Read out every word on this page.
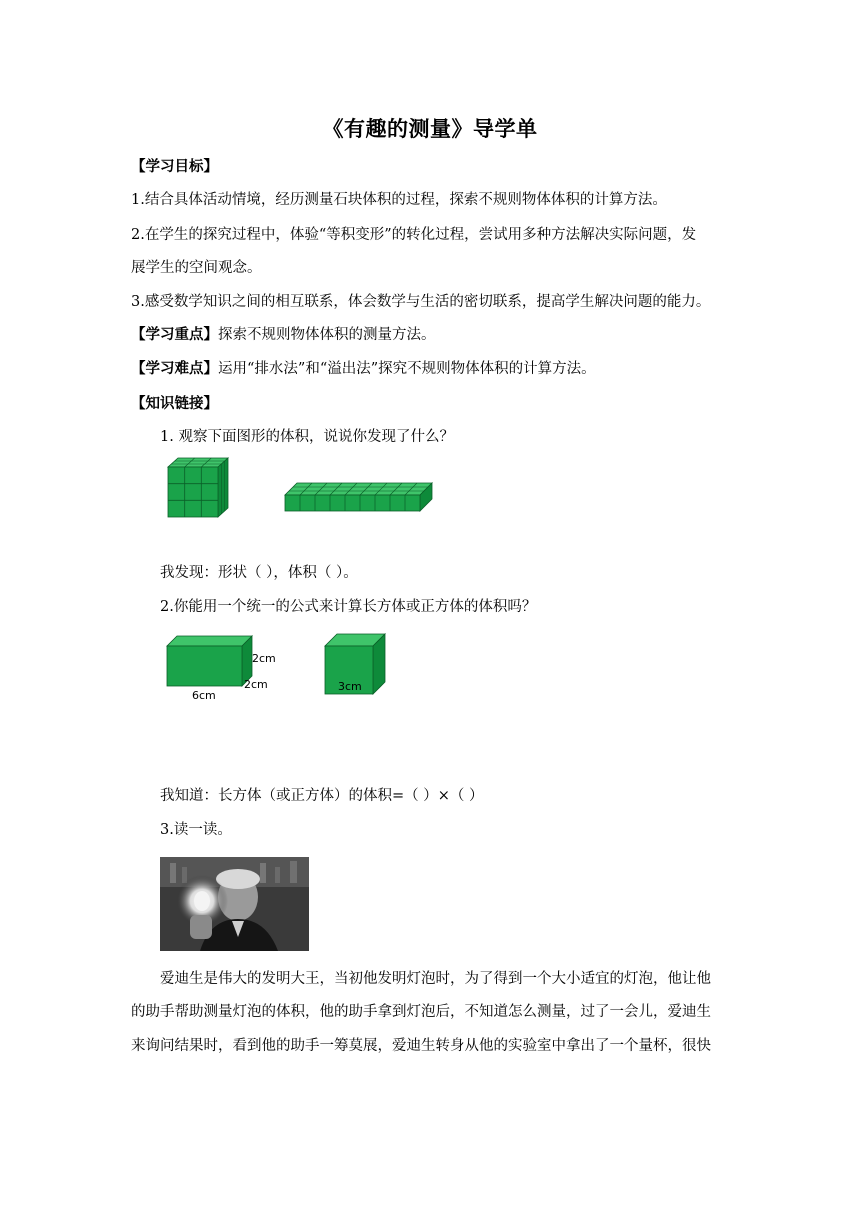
《有趣的测量》导学单
【学习目标】
1.结合具体活动情境，经历测量石块体积的过程，探索不规则物体体积的计算方法。
2.在学生的探究过程中，体验“等积变形”的转化过程，尝试用多种方法解决实际问题，发
展学生的空间观念。
3.感受数学知识之间的相互联系，体会数学与生活的密切联系，提高学生解决问题的能力。
【学习重点】探索不规则物体体积的测量方法。
【学习难点】运用“排水法”和“溢出法”探究不规则物体体积的计算方法。
【知识链接】
1. 观察下面图形的体积，说说你发现了什么？
我发现：形状（ ），体积（ ）。
2.你能用一个统一的公式来计算长方体或正方体的体积吗？
2cm
2cm
6cm
3cm
我知道：长方体（或正方体）的体积=（ ）×（ ）
3.读一读。
爱迪生是伟大的发明大王，当初他发明灯泡时，为了得到一个大小适宜的灯泡，他让他
的助手帮助测量灯泡的体积，他的助手拿到灯泡后，不知道怎么测量，过了一会儿，爱迪生
来询问结果时，看到他的助手一筹莫展，爱迪生转身从他的实验室中拿出了一个量杯，很快
